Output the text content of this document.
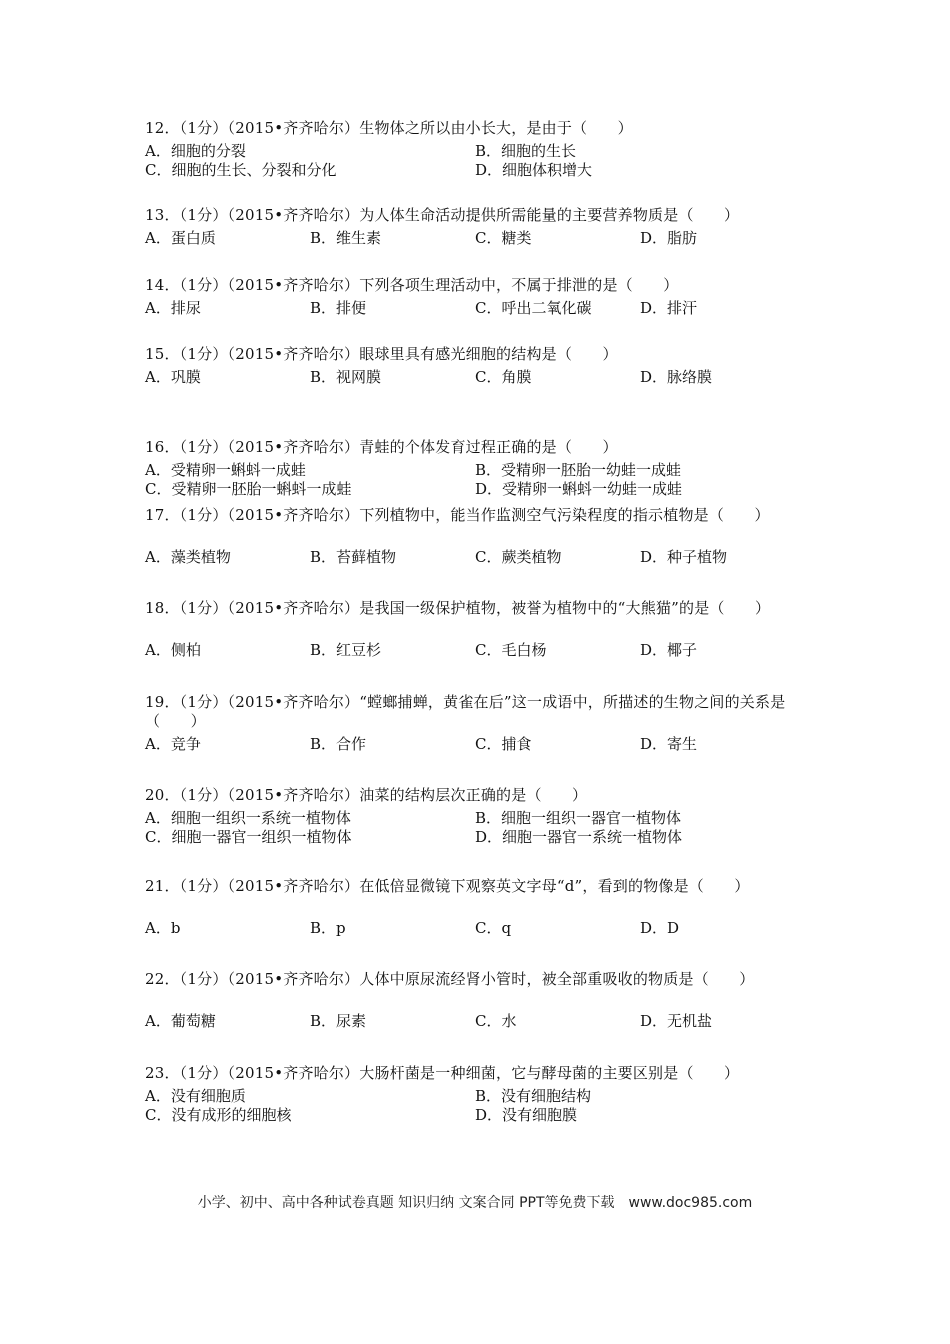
12．（1分）（2015•齐齐哈尔）生物体之所以由小长大，是由于（　　）
A．细胞的分裂	B．细胞的生长
C．细胞的生长、分裂和分化	D．细胞体积增大
13．（1分）（2015•齐齐哈尔）为人体生命活动提供所需能量的主要营养物质是（　　）
A．蛋白质	B．维生素	C．糖类	D．脂肪
14．（1分）（2015•齐齐哈尔）下列各项生理活动中，不属于排泄的是（　　）
A．排尿	B．排便	C．呼出二氧化碳	D．排汗
15．（1分）（2015•齐齐哈尔）眼球里具有感光细胞的结构是（　　）
A．巩膜	B．视网膜	C．角膜	D．脉络膜
16．（1分）（2015•齐齐哈尔）青蛙的个体发育过程正确的是（　　）
A．受精卵一蝌蚪一成蛙	B．受精卵一胚胎一幼蛙一成蛙
C．受精卵一胚胎一蝌蚪一成蛙	D．受精卵一蝌蚪一幼蛙一成蛙
17．（1分）（2015•齐齐哈尔）下列植物中，能当作监测空气污染程度的指示植物是（　　）
A．藻类植物	B．苔藓植物	C．蕨类植物	D．种子植物
18．（1分）（2015•齐齐哈尔）是我国一级保护植物，被誉为植物中的“大熊猫”的是（　　）
A．侧柏	B．红豆杉	C．毛白杨	D．椰子
19．（1分）（2015•齐齐哈尔）“螳螂捕蝉，黄雀在后”这一成语中，所描述的生物之间的关系是（　　）
A．竞争	B．合作	C．捕食	D．寄生
20．（1分）（2015•齐齐哈尔）油菜的结构层次正确的是（　　）
A．细胞一组织一系统一植物体	B．细胞一组织一器官一植物体
C．细胞一器官一组织一植物体	D．细胞一器官一系统一植物体
21．（1分）（2015•齐齐哈尔）在低倍显微镜下观察英文字母“d”，看到的物像是（　　）
A．b	B．p	C．q	D．D
22．（1分）（2015•齐齐哈尔）人体中原尿流经肾小管时，被全部重吸收的物质是（　　）
A．葡萄糖	B．尿素	C．水	D．无机盐
23．（1分）（2015•齐齐哈尔）大肠杆菌是一种细菌，它与酵母菌的主要区别是（　　）
A．没有细胞质	B．没有细胞结构
C．没有成形的细胞核	D．没有细胞膜
小学、初中、高中各种试卷真题 知识归纳 文案合同 PPT等免费下载　www.doc985.com
